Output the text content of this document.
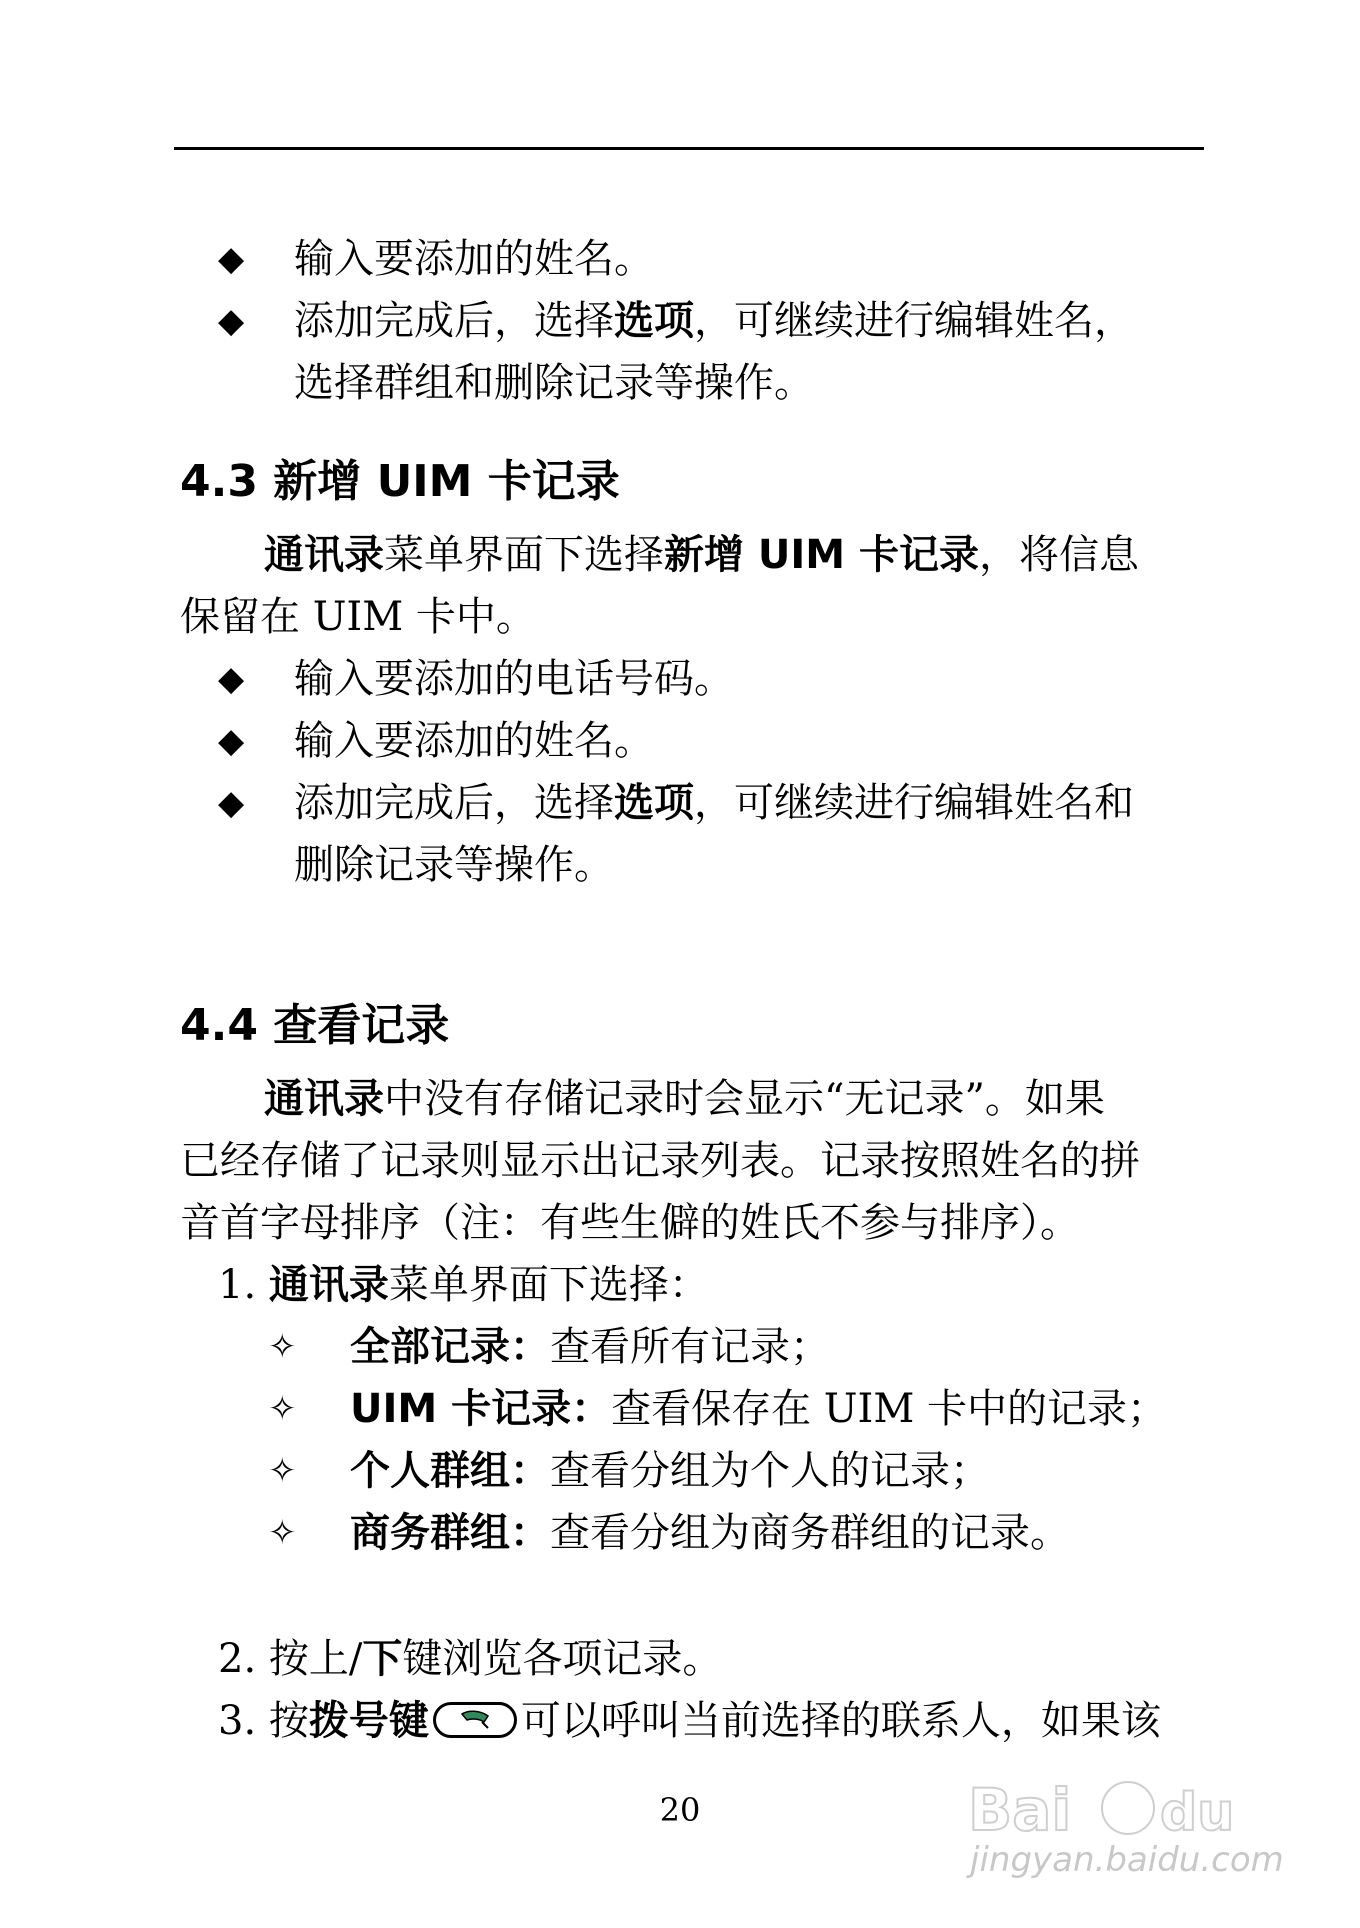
◆ 输入要添加的姓名。
◆ 添加完成后，选择选项，可继续进行编辑姓名，
选择群组和删除记录等操作。
4.3 新增 UIM 卡记录
通讯录菜单界面下选择新增 UIM 卡记录，将信息
保留在 UIM 卡中。
◆ 输入要添加的电话号码。
◆ 输入要添加的姓名。
◆ 添加完成后，选择选项，可继续进行编辑姓名和
删除记录等操作。
4.4 查看记录
通讯录中没有存储记录时会显示“无记录”。如果
已经存储了记录则显示出记录列表。记录按照姓名的拼
音首字母排序（注：有些生僻的姓氏不参与排序）。
1. 通讯录菜单界面下选择：
✧ 全部记录：查看所有记录；
✧ UIM 卡记录：查看保存在 UIM 卡中的记录；
✧ 个人群组：查看分组为个人的记录；
✧ 商务群组：查看分组为商务群组的记录。
2. 按上/下键浏览各项记录。
3. 按拨号键 可以呼叫当前选择的联系人，如果该
20	Bai du
jingyan.baidu.com
